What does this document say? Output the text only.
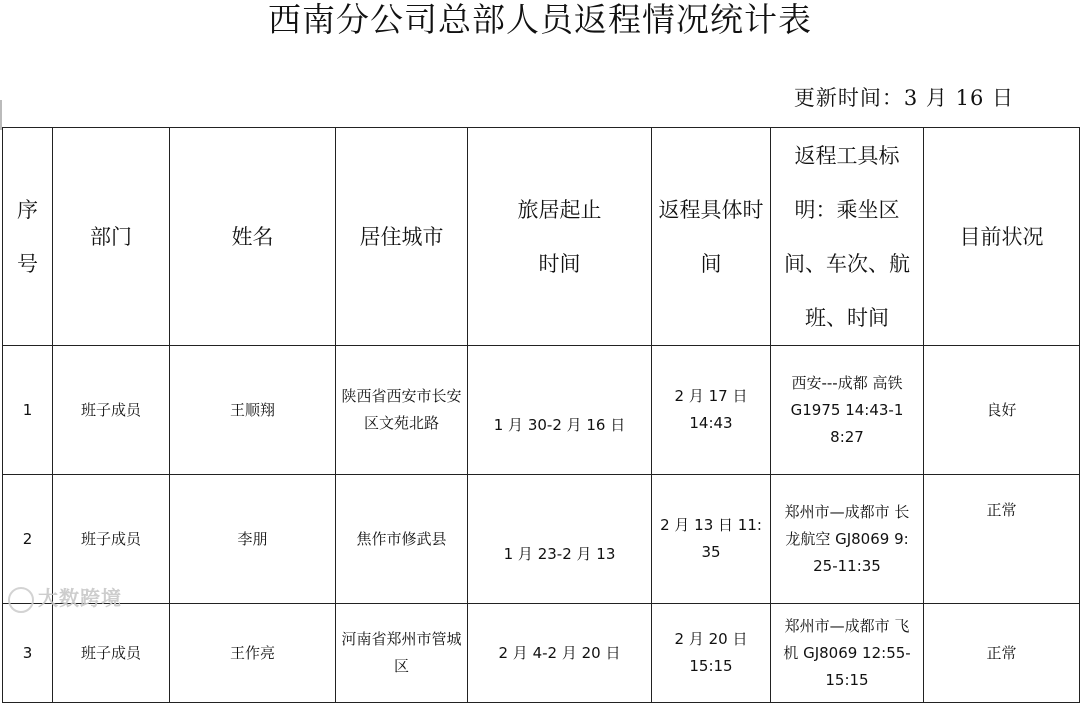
西南分公司总部人员返程情况统计表
更新时间：3 月 16 日
序号	部门	姓名	居住城市	旅居起止时间	返程具体时间	返程工具标明：乘坐区间、车次、航班、时间	目前状况
1	班子成员	王顺翔	陕西省西安市长安区文苑北路	1 月 30-2 月 16 日	2 月 17 日 14:43	西安---成都 高铁 G1975 14:43-18:27	良好
2	班子成员	李朋	焦作市修武县	1 月 23-2 月 13	2 月 13 日 11:35	郑州市—成都市 长龙航空 GJ8069 9:25-11:35	正常
3	班子成员	王作亮	河南省郑州市管城区	2 月 4-2 月 20 日	2 月 20 日 15:15	郑州市—成都市 飞机 GJ8069 12:55-15:15	正常
大数跨境
